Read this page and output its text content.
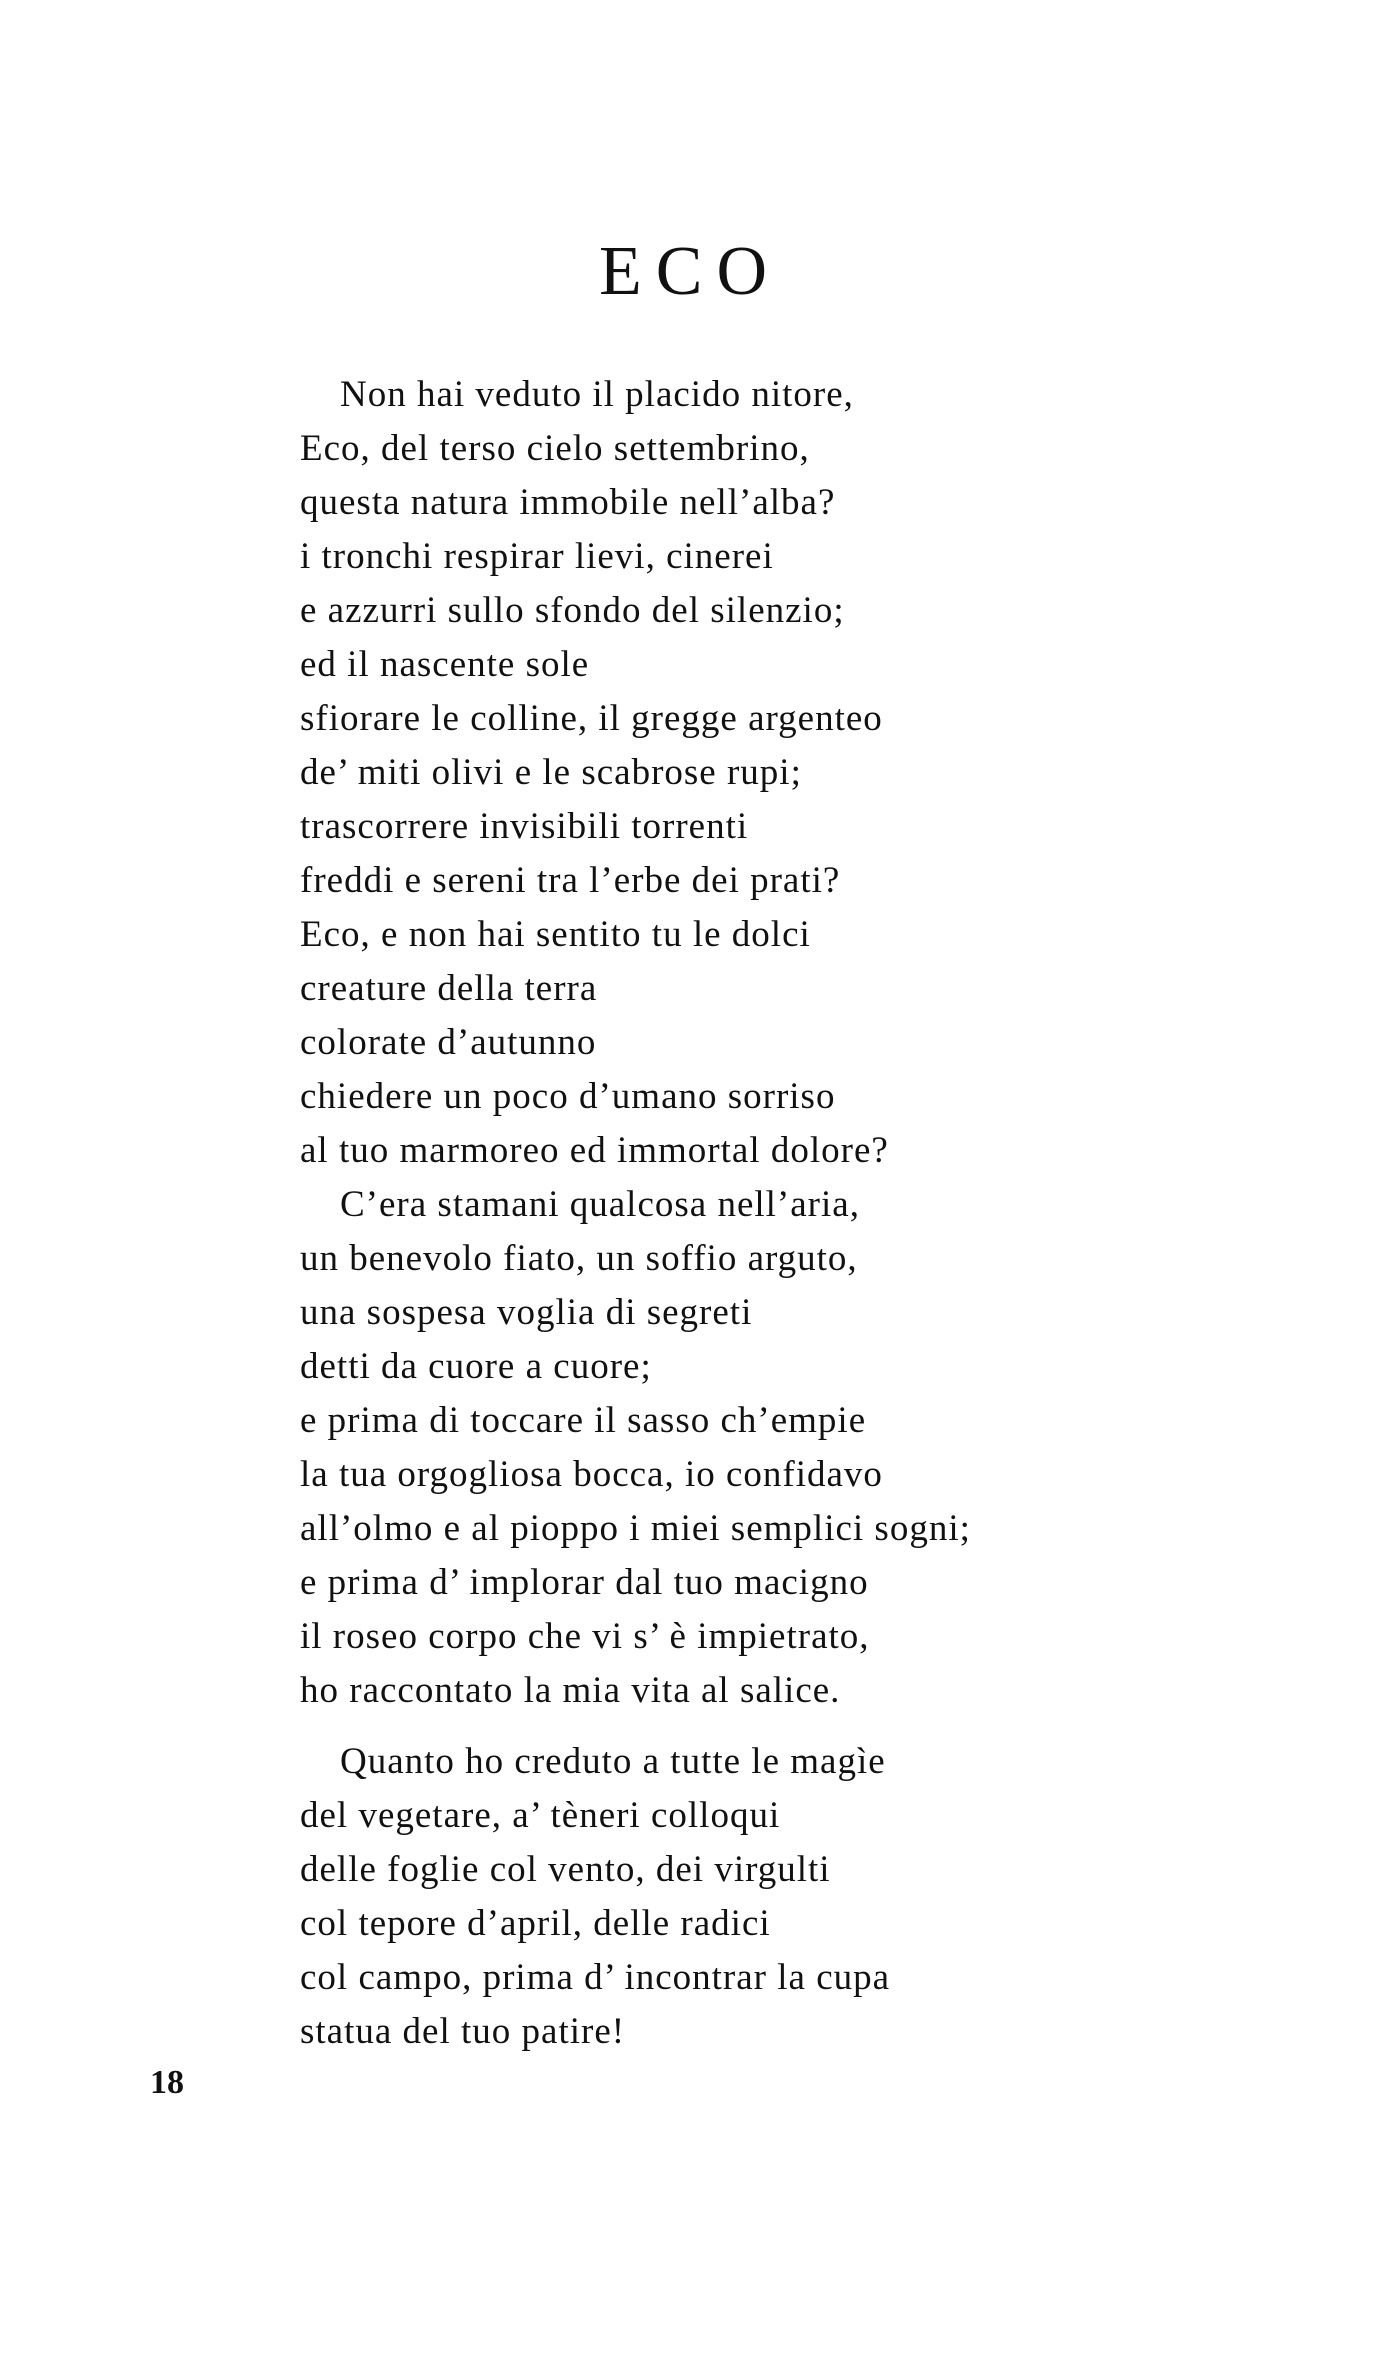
ECO
Non hai veduto il placido nitore,
Eco, del terso cielo settembrino,
questa natura immobile nell’alba?
i tronchi respirar lievi, cinerei
e azzurri sullo sfondo del silenzio;
ed il nascente sole
sfiorare le colline, il gregge argenteo
de’ miti olivi e le scabrose rupi;
trascorrere invisibili torrenti
freddi e sereni tra l’erbe dei prati?
Eco, e non hai sentito tu le dolci
creature della terra
colorate d’autunno
chiedere un poco d’umano sorriso
al tuo marmoreo ed immortal dolore?
C’era stamani qualcosa nell’aria,
un benevolo fiato, un soffio arguto,
una sospesa voglia di segreti
detti da cuore a cuore;
e prima di toccare il sasso ch’empie
la tua orgogliosa bocca, io confidavo
all’olmo e al pioppo i miei semplici sogni;
e prima d’ implorar dal tuo macigno
il roseo corpo che vi s’ è impietrato,
ho raccontato la mia vita al salice.
Quanto ho creduto a tutte le magìe
del vegetare, a’ tèneri colloqui
delle foglie col vento, dei virgulti
col tepore d’april, delle radici
col campo, prima d’ incontrar la cupa
statua del tuo patire!
18
